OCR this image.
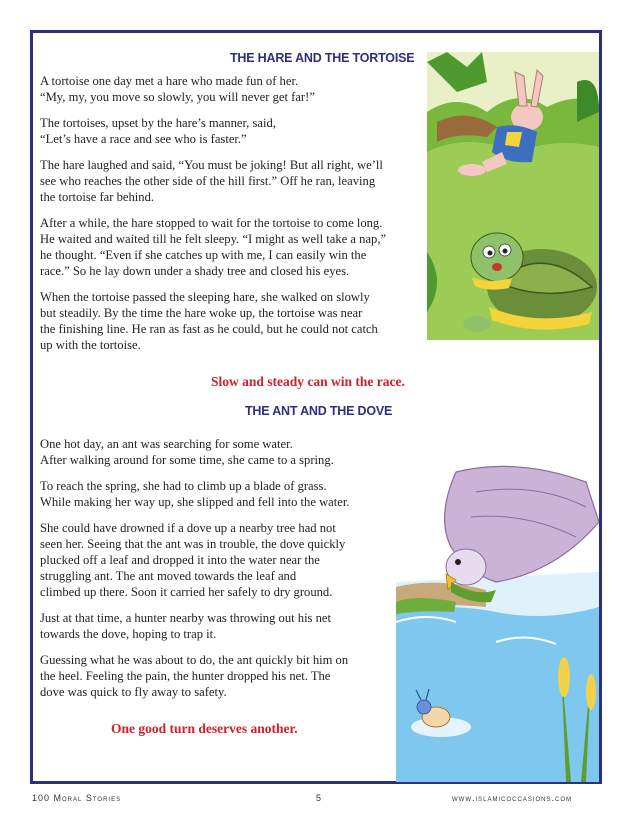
THE HARE AND THE TORTOISE

A tortoise one day met a hare who made fun of her.
“My, my, you move so slowly, you will never get far!”

The tortoises, upset by the hare’s manner, said,
“Let’s have a race and see who is faster.”

The hare laughed and said, “You must be joking! But all right, we’ll
see who reaches the other side of the hill first.” Off he ran, leaving
the tortoise far behind.

After a while, the hare stopped to wait for the tortoise to come long.
He waited and waited till he felt sleepy. “I might as well take a nap,”
he thought. “Even if she catches up with me, I can easily win the
race.” So he lay down under a shady tree and closed his eyes.

When the tortoise passed the sleeping hare, she walked on slowly
but steadily. By the time the hare woke up, the tortoise was near
the finishing line. He ran as fast as he could, but he could not catch
up with the tortoise.

Slow and steady can win the race.
THE ANT AND THE DOVE

One hot day, an ant was searching for some water.
After walking around for some time, she came to a spring.

To reach the spring, she had to climb up a blade of grass.
While making her way up, she slipped and fell into the water.

She could have drowned if a dove up a nearby tree had not
seen her. Seeing that the ant was in trouble, the dove quickly
plucked off a leaf and dropped it into the water near the
struggling ant. The ant moved towards the leaf and
climbed up there. Soon it carried her safely to dry ground.

Just at that time, a hunter nearby was throwing out his net
towards the dove, hoping to trap it.

Guessing what he was about to do, the ant quickly bit him on
the heel. Feeling the pain, the hunter dropped his net. The
dove was quick to fly away to safety.

One good turn deserves another.
100 Moral Stories	5	www.islamicoccasions.com
